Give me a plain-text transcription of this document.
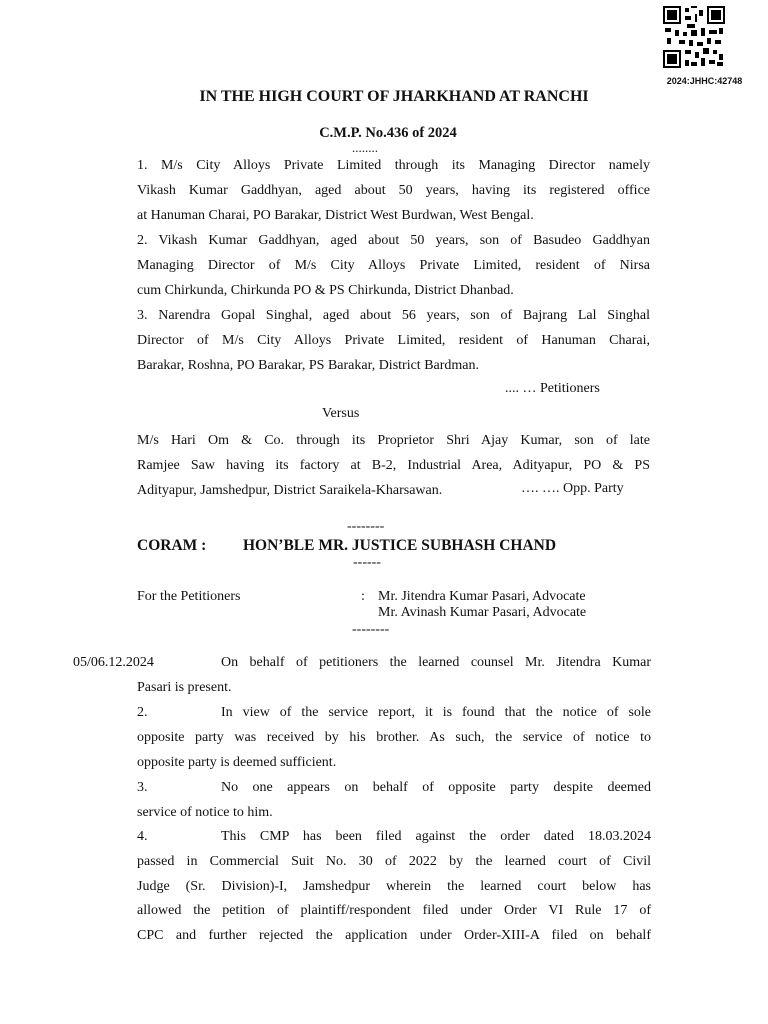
2024:JHHC:42748
IN THE HIGH COURT OF JHARKHAND AT RANCHI
C.M.P. No.436 of 2024
........
1. M/s City Alloys Private Limited through its Managing Director namely
Vikash Kumar Gaddhyan, aged about 50 years, having its registered office
at Hanuman Charai, PO Barakar, District West Burdwan, West Bengal.
2. Vikash Kumar Gaddhyan, aged about 50 years, son of Basudeo Gaddhyan
Managing Director of M/s City Alloys Private Limited, resident of Nirsa
cum Chirkunda, Chirkunda PO & PS Chirkunda, District Dhanbad.
3. Narendra Gopal Singhal, aged about 56 years, son of Bajrang Lal Singhal
Director of M/s City Alloys Private Limited, resident of Hanuman Charai,
Barakar, Roshna, PO Barakar, PS Barakar, District Bardman.
.... … Petitioners
Versus
M/s Hari Om & Co. through its Proprietor Shri Ajay Kumar, son of late
Ramjee Saw having its factory at B-2, Industrial Area, Adityapur, PO & PS
Adityapur, Jamshedpur, District Saraikela-Kharsawan.	…. …. Opp. Party
--------
CORAM : HON’BLE MR. JUSTICE SUBHASH CHAND
------
For the Petitioners	: Mr. Jitendra Kumar Pasari, Advocate
Mr. Avinash Kumar Pasari, Advocate
--------
05/06.12.2024	On behalf of petitioners the learned counsel Mr. Jitendra Kumar
Pasari is present.
2.	In view of the service report, it is found that the notice of sole
opposite party was received by his brother. As such, the service of notice to
opposite party is deemed sufficient.
3.	No one appears on behalf of opposite party despite deemed
service of notice to him.
4.	This CMP has been filed against the order dated 18.03.2024
passed in Commercial Suit No. 30 of 2022 by the learned court of Civil
Judge (Sr. Division)-I, Jamshedpur wherein the learned court below has
allowed the petition of plaintiff/respondent filed under Order VI Rule 17 of
CPC and further rejected the application under Order-XIII-A filed on behalf
